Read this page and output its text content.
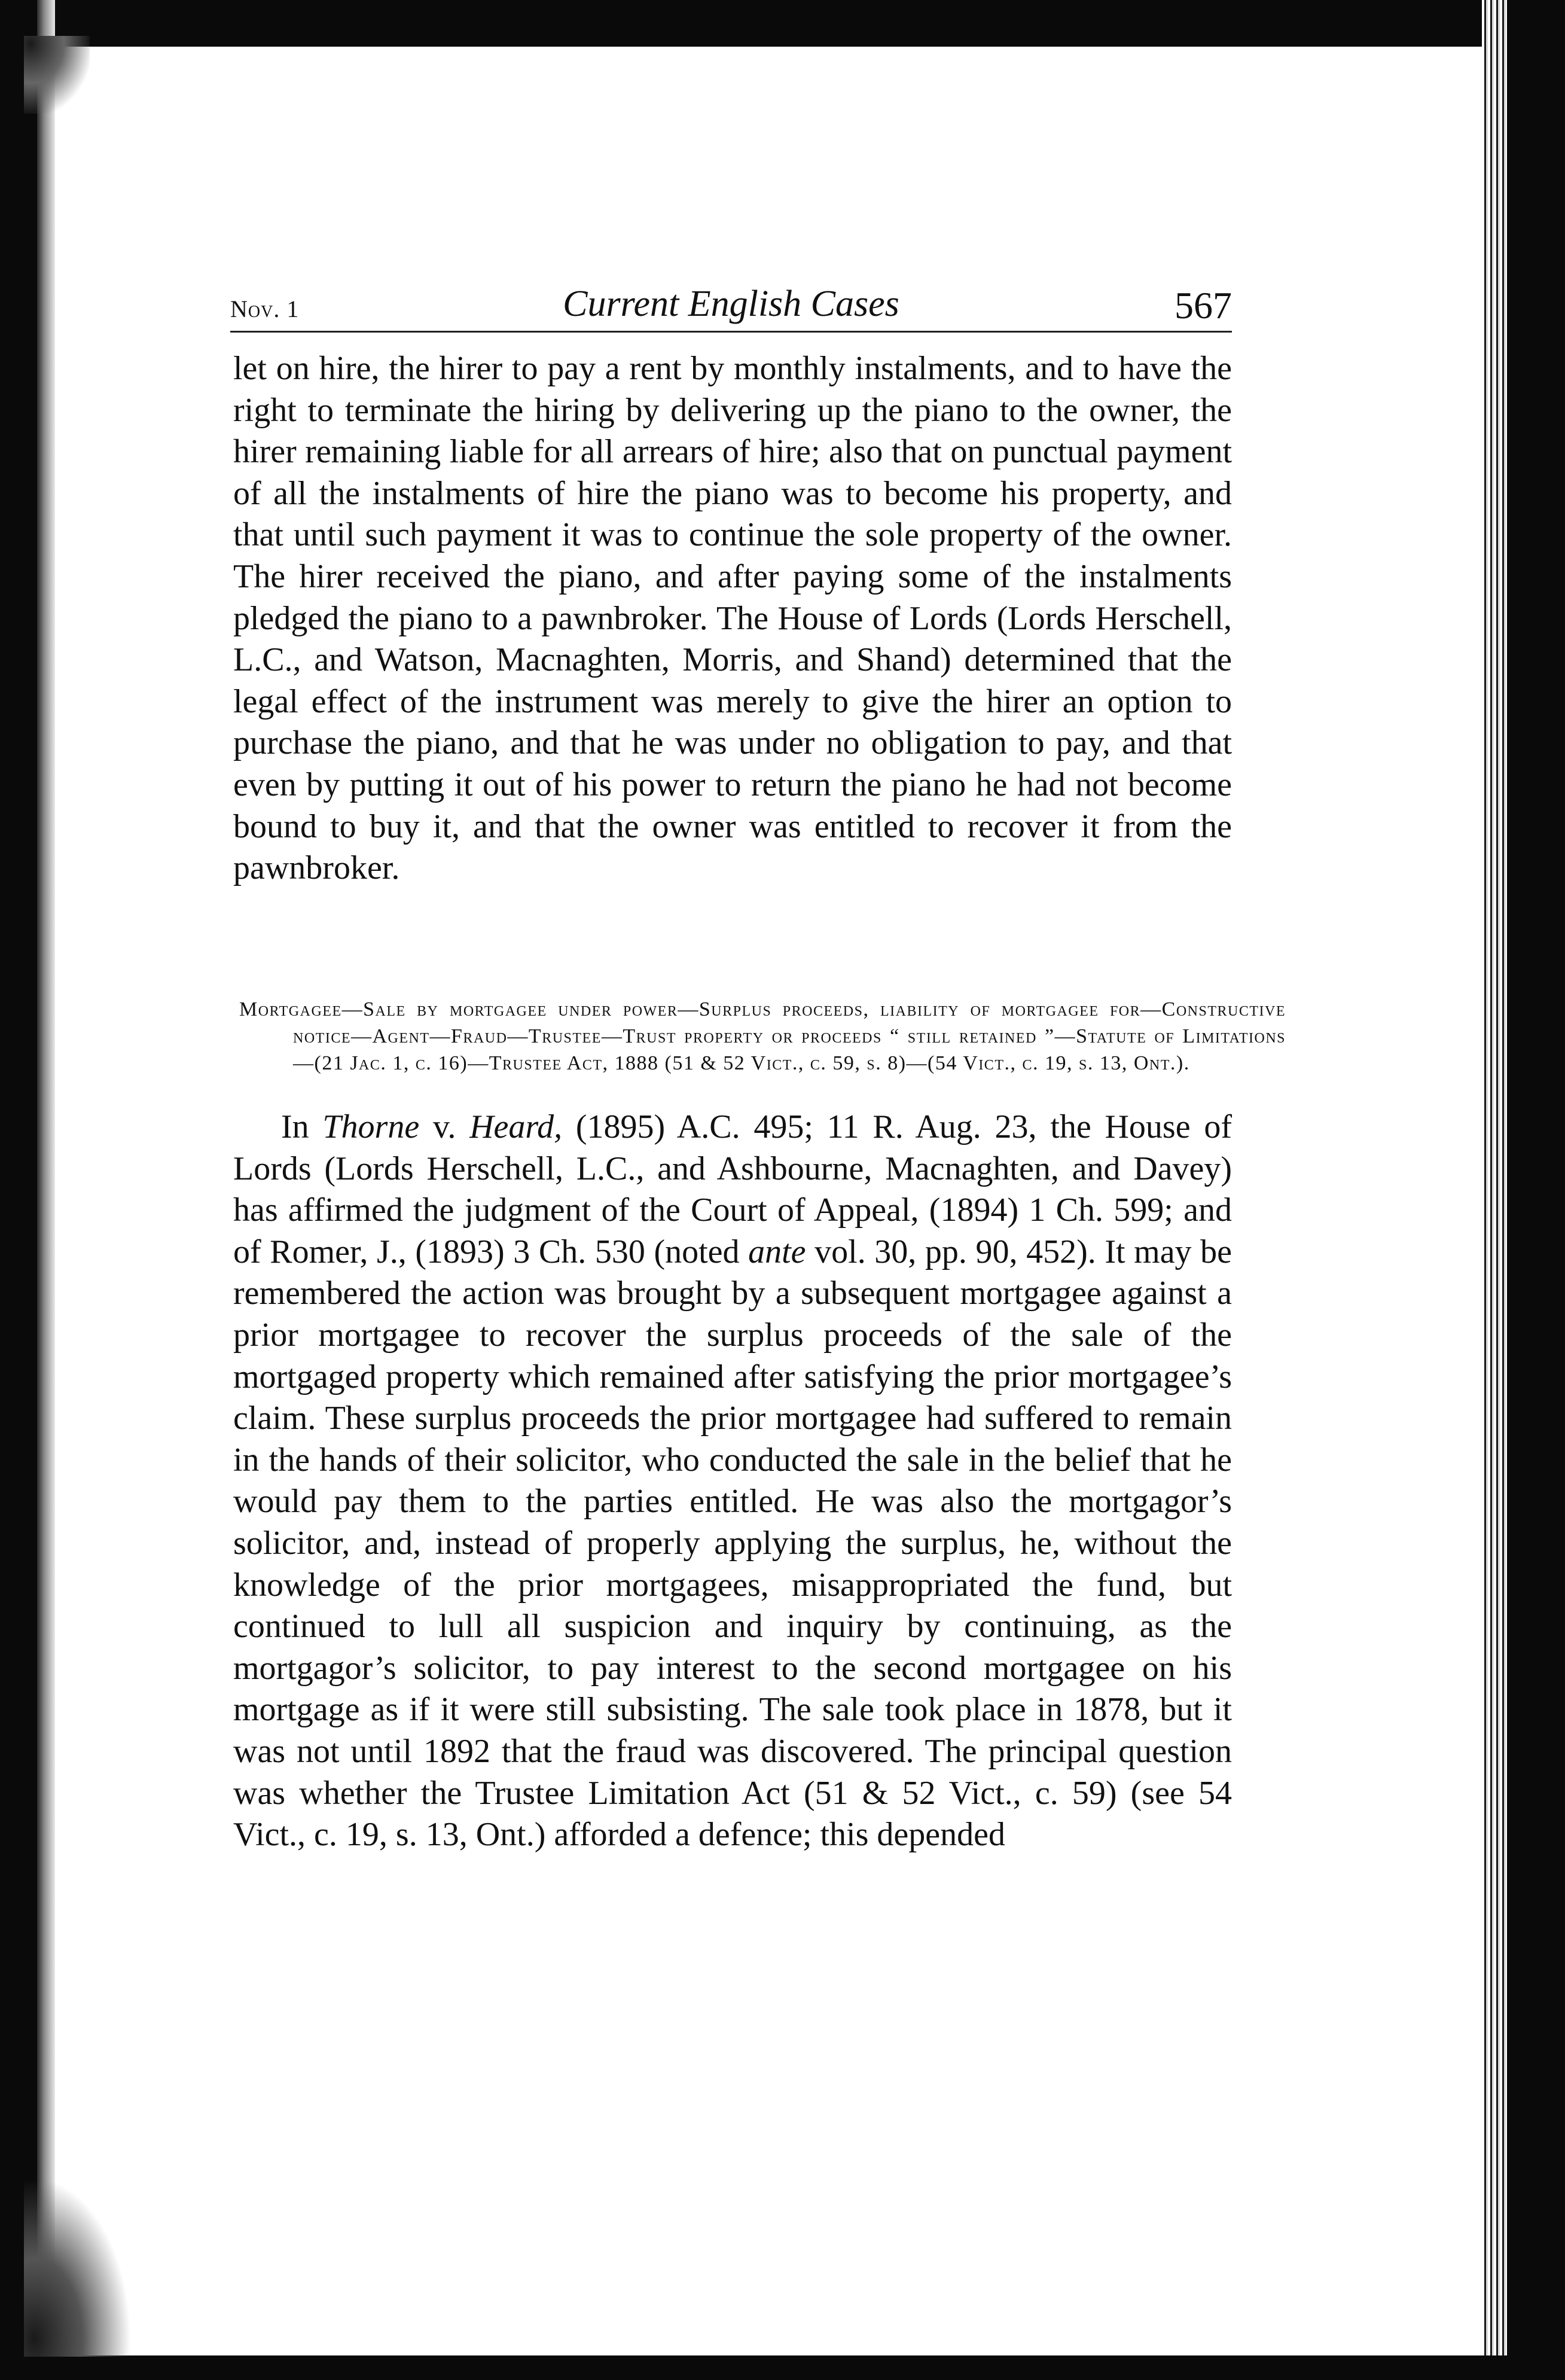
Nov. 1	Current English Cases	567

let on hire, the hirer to pay a rent by monthly instalments, and to have the right to terminate the hiring by delivering up the piano to the owner, the hirer remaining liable for all arrears of hire; also that on punctual payment of all the instalments of hire the piano was to become his property, and that until such payment it was to continue the sole property of the owner. The hirer received the piano, and after paying some of the instalments pledged the piano to a pawnbroker. The House of Lords (Lords Herschell, L.C., and Watson, Macnaghten, Morris, and Shand) determined that the legal effect of the instrument was merely to give the hirer an option to purchase the piano, and that he was under no obligation to pay, and that even by putting it out of his power to return the piano he had not become bound to buy it, and that the owner was entitled to recover it from the pawnbroker.

Mortgagee—Sale by mortgagee under power—Surplus proceeds, liability of mortgagee for—Constructive notice—Agent—Fraud—Trustee—Trust property or proceeds “ still retained ”—Statute of Limitations—(21 Jac. 1, c. 16)—Trustee Act, 1888 (51 & 52 Vict., c. 59, s. 8)—(54 Vict., c. 19, s. 13, Ont.).
In Thorne v. Heard, (1895) A.C. 495; 11 R. Aug. 23, the House of Lords (Lords Herschell, L.C., and Ashbourne, Macnaghten, and Davey) has affirmed the judgment of the Court of Appeal, (1894) 1 Ch. 599; and of Romer, J., (1893) 3 Ch. 530 (noted ante vol. 30, pp. 90, 452). It may be remembered the action was brought by a subsequent mortgagee against a prior mortgagee to recover the surplus proceeds of the sale of the mortgaged property which remained after satisfying the prior mortgagee’s claim. These surplus proceeds the prior mortgagee had suffered to remain in the hands of their solicitor, who conducted the sale in the belief that he would pay them to the parties entitled. He was also the mortgagor’s solicitor, and, instead of properly applying the surplus, he, without the knowledge of the prior mortgagees, misappropriated the fund, but continued to lull all suspicion and inquiry by continuing, as the mortgagor’s solicitor, to pay interest to the second mortgagee on his mortgage as if it were still subsisting. The sale took place in 1878, but it was not until 1892 that the fraud was discovered. The principal question was whether the Trustee Limitation Act (51 & 52 Vict., c. 59) (see 54 Vict., c. 19, s. 13, Ont.) afforded a defence; this depended
